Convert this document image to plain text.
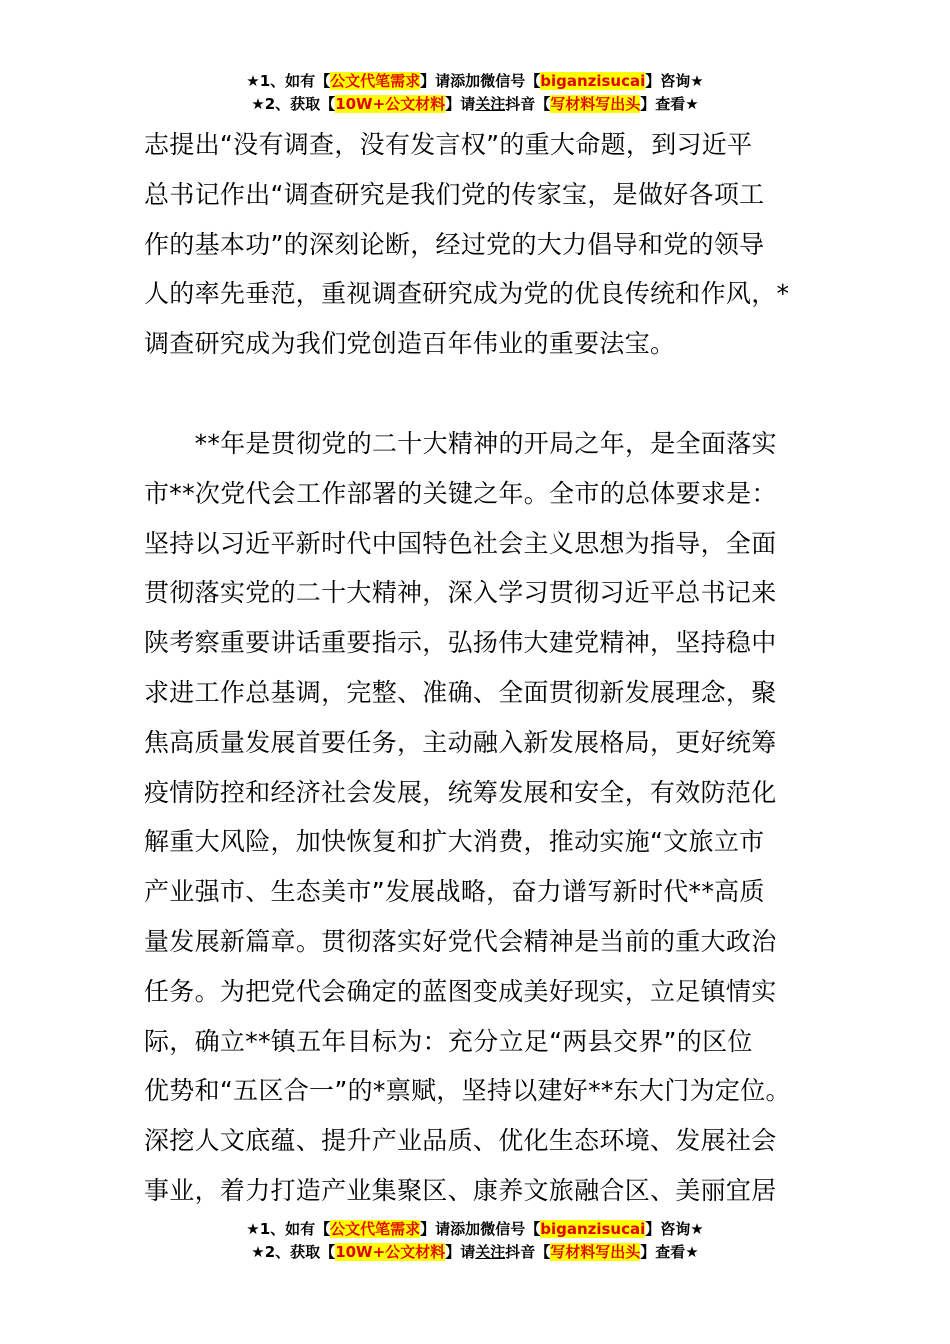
★1、如有【公文代笔需求】请添加微信号【biganzisucai】咨询★
★2、获取【10W+公文材料】请关注抖音【写材料写出头】查看★
志提出“没有调查，没有发言权”的重大命题，到习近平
总书记作出“调查研究是我们党的传家宝，是做好各项工
作的基本功”的深刻论断，经过党的大力倡导和党的领导
人的率先垂范，重视调查研究成为党的优良传统和作风，*
调查研究成为我们党创造百年伟业的重要法宝。
　　**年是贯彻党的二十大精神的开局之年，是全面落实
市**次党代会工作部署的关键之年。全市的总体要求是：
坚持以习近平新时代中国特色社会主义思想为指导，全面
贯彻落实党的二十大精神，深入学习贯彻习近平总书记来
陕考察重要讲话重要指示，弘扬伟大建党精神，坚持稳中
求进工作总基调，完整、准确、全面贯彻新发展理念，聚
焦高质量发展首要任务，主动融入新发展格局，更好统筹
疫情防控和经济社会发展，统筹发展和安全，有效防范化
解重大风险，加快恢复和扩大消费，推动实施“文旅立市
产业强市、生态美市”发展战略，奋力谱写新时代**高质
量发展新篇章。贯彻落实好党代会精神是当前的重大政治
任务。为把党代会确定的蓝图变成美好现实，立足镇情实
际，确立**镇五年目标为：充分立足“两县交界”的区位
优势和“五区合一”的*禀赋，坚持以建好**东大门为定位。
深挖人文底蕴、提升产业品质、优化生态环境、发展社会
事业，着力打造产业集聚区、康养文旅融合区、美丽宜居
★1、如有【公文代笔需求】请添加微信号【biganzisucai】咨询★
★2、获取【10W+公文材料】请关注抖音【写材料写出头】查看★
